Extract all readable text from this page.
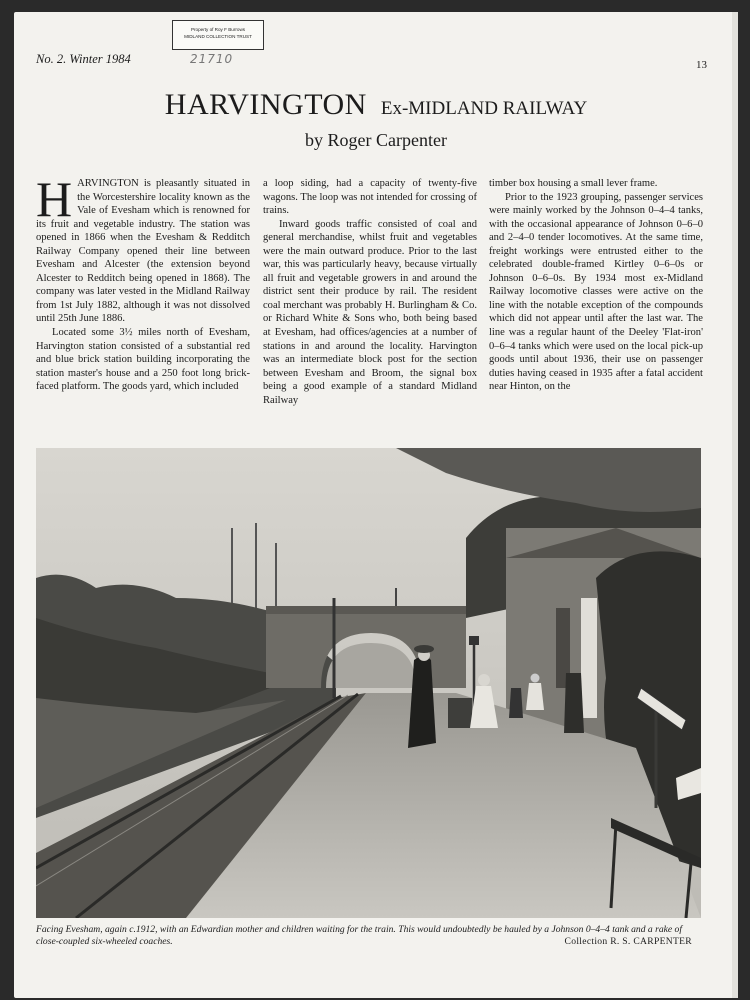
Property of Roy F Burrows
MIDLAND COLLECTION TRUST
21710
No. 2. Winter 1984	13
HARVINGTON Ex-MIDLAND RAILWAY
by Roger Carpenter

HARVINGTON is pleasantly situated in the Worcestershire locality known as the Vale of Evesham which is renowned for its fruit and vegetable industry. The station was opened in 1866 when the Evesham & Redditch Railway Company opened their line between Evesham and Alcester (the extension beyond Alcester to Redditch being opened in 1868). The company was later vested in the Midland Railway from 1st July 1882, although it was not dissolved until 25th June 1886.

Located some 3½ miles north of Evesham, Harvington station consisted of a substantial red and blue brick station building incorporating the station master's house and a 250 foot long brick-faced platform. The goods yard, which included

a loop siding, had a capacity of twenty-five wagons. The loop was not intended for crossing of trains.

Inward goods traffic consisted of coal and general merchandise, whilst fruit and vegetables were the main outward produce. Prior to the last war, this was particularly heavy, because virtually all fruit and vegetable growers in and around the district sent their produce by rail. The resident coal merchant was probably H. Burlingham & Co. or Richard White & Sons who, both being based at Evesham, had offices/agencies at a number of stations in and around the locality. Harvington was an intermediate block post for the section between Evesham and Broom, the signal box being a good example of a standard Midland Railway

timber box housing a small lever frame.

Prior to the 1923 grouping, passenger services were mainly worked by the Johnson 0–4–4 tanks, with the occasional appearance of Johnson 0–6–0 and 2–4–0 tender locomotives. At the same time, freight workings were entrusted either to the celebrated double-framed Kirtley 0–6–0s or Johnson 0–6–0s. By 1934 most ex-Midland Railway locomotive classes were active on the line with the notable exception of the compounds which did not appear until after the last war. The line was a regular haunt of the Deeley 'Flat-iron' 0–6–4 tanks which were used on the local pick-up goods until about 1936, their use on passenger duties having ceased in 1935 after a fatal accident near Hinton, on the

Facing Evesham, again c.1912, with an Edwardian mother and children waiting for the train. This would undoubtedly be hauled by a Johnson 0–4–4 tank and a rake of close-coupled six-wheeled coaches.	Collection R. S. CARPENTER
